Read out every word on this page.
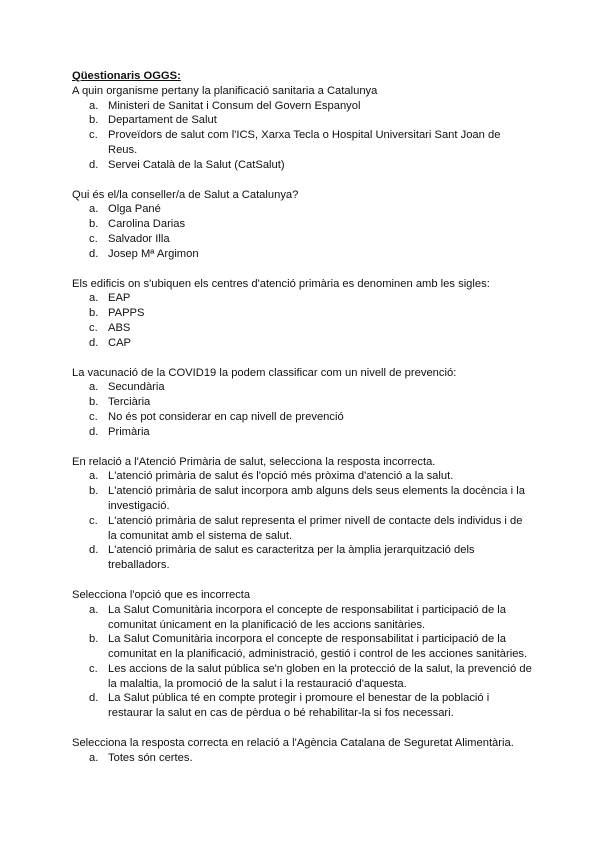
Qüestionaris OGGS:

A quin organisme pertany la planificació sanitaria a Catalunya

a. Ministeri de Sanitat i Consum del Govern Espanyol
b. Departament de Salut
c. Proveïdors de salut com l'ICS, Xarxa Tecla o Hospital Universitari Sant Joan de Reus.
d. Servei Català de la Salut (CatSalut)

Qui és el/la conseller/a de Salut a Catalunya?

a. Olga Pané
b. Carolina Darias
c. Salvador Illa
d. Josep Mª Argimon

Els edificis on s'ubiquen els centres d'atenció primària es denominen amb les sigles:

a. EAP
b. PAPPS
c. ABS
d. CAP

La vacunació de la COVID19 la podem classificar com un nivell de prevenció:

a. Secundària
b. Terciària
c. No és pot considerar en cap nivell de prevenció
d. Primària

En relació a l'Atenció Primària de salut, selecciona la resposta incorrecta.

a. L'atenció primària de salut és l'opció més pròxima d'atenció a la salut.
b. L'atenció primària de salut incorpora amb alguns dels seus elements la docència i la investigació.
c. L'atenció primària de salut representa el primer nivell de contacte dels individus i de la comunitat amb el sistema de salut.
d. L'atenció primària de salut es caracteritza per la àmplia jerarquització dels treballadors.

Selecciona l'opció que es incorrecta

a. La Salut Comunitària incorpora el concepte de responsabilitat i participació de la comunitat únicament en la planificació de les accions sanitàries.
b. La Salut Comunitària incorpora el concepte de responsabilitat i participació de la comunitat en la planificació, administració, gestió i control de les acciones sanitàries.
c. Les accions de la salut pública se'n globen en la protecció de la salut, la prevenció de la malaltia, la promoció de la salut i la restauració d'aquesta.
d. La Salut pública té en compte protegir i promoure el benestar de la població i restaurar la salut en cas de pèrdua o bé rehabilitar-la si fos necessari.

Selecciona la resposta correcta en relació a l'Agència Catalana de Seguretat Alimentària.

a. Totes són certes.
